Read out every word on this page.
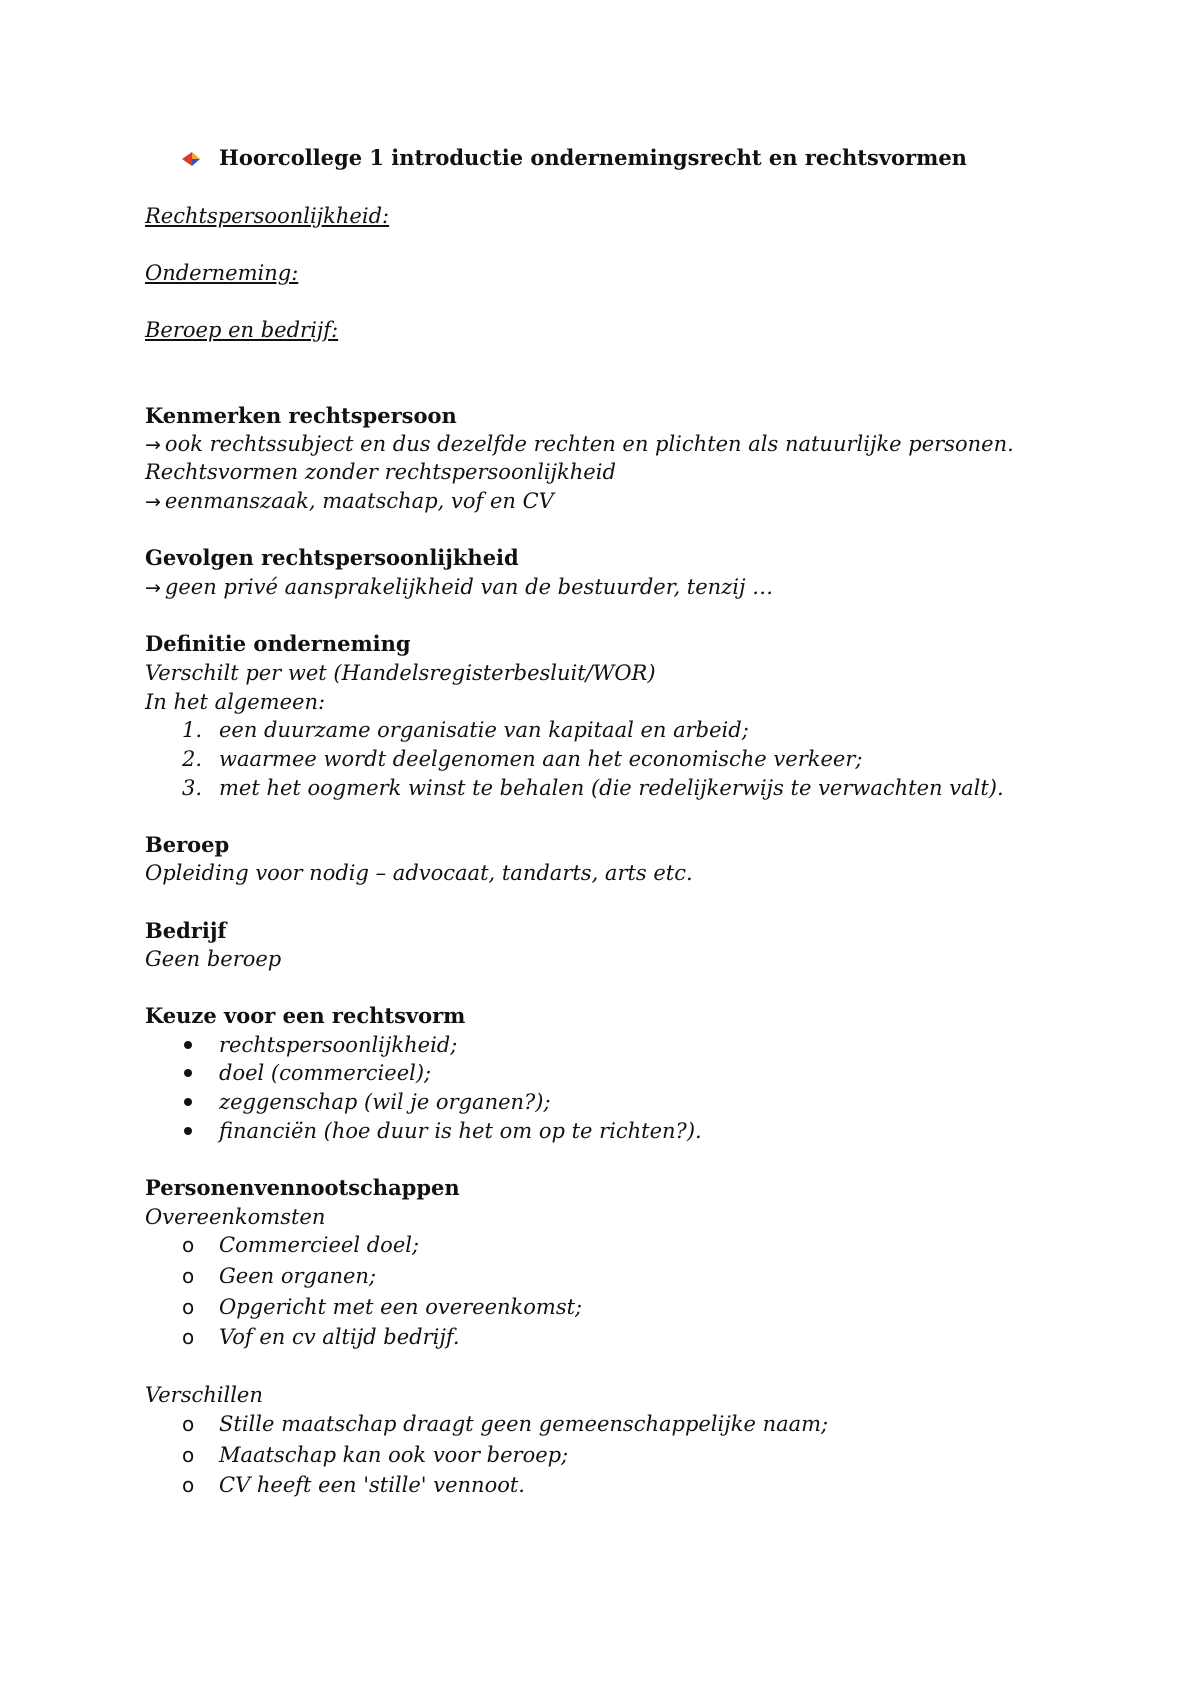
Hoorcollege 1 introductie ondernemingsrecht en rechtsvormen
Rechtspersoonlijkheid:
Onderneming:
Beroep en bedrijf:
Kenmerken rechtspersoon
→ ook rechtssubject en dus dezelfde rechten en plichten als natuurlijke personen.
Rechtsvormen zonder rechtspersoonlijkheid
→ eenmanszaak, maatschap, vof en CV
Gevolgen rechtspersoonlijkheid
→ geen privé aansprakelijkheid van de bestuurder, tenzij …
Definitie onderneming
Verschilt per wet (Handelsregisterbesluit/WOR)
In het algemeen:
1. een duurzame organisatie van kapitaal en arbeid;
2. waarmee wordt deelgenomen aan het economische verkeer;
3. met het oogmerk winst te behalen (die redelijkerwijs te verwachten valt).
Beroep
Opleiding voor nodig – advocaat, tandarts, arts etc.
Bedrijf
Geen beroep
Keuze voor een rechtsvorm
rechtspersoonlijkheid;
doel (commercieel);
zeggenschap (wil je organen?);
financiën (hoe duur is het om op te richten?).
Personenvennootschappen
Overeenkomsten
o Commercieel doel;
o Geen organen;
o Opgericht met een overeenkomst;
o Vof en cv altijd bedrijf.
Verschillen
o Stille maatschap draagt geen gemeenschappelijke naam;
o Maatschap kan ook voor beroep;
o CV heeft een 'stille' vennoot.
